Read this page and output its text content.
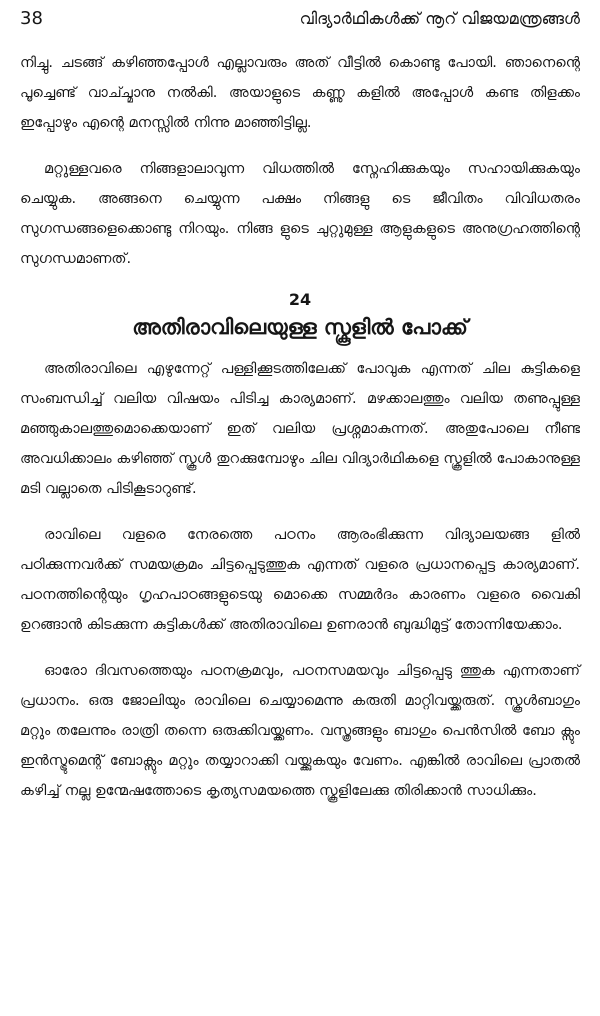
38	വിദ്യാർഥികൾക്ക് നൂറ് വിജയമന്ത്രങ്ങൾ

നിച്ചു. ചടങ്ങ് കഴിഞ്ഞപ്പോൾ എല്ലാവരും അത് വീട്ടിൽ കൊണ്ടു പോയി. ഞാനെന്റെ പൂച്ചെണ്ട് വാച്ച്മാനു നൽകി. അയാളുടെ കണ്ണു കളിൽ അപ്പോൾ കണ്ട തിളക്കം ഇപ്പോഴും എന്റെ മനസ്സിൽ നിന്നു മാഞ്ഞിട്ടില്ല.

മറ്റുള്ളവരെ നിങ്ങളാലാവുന്ന വിധത്തിൽ സ്നേഹിക്കുകയും സഹായിക്കുകയും ചെയ്യുക. അങ്ങനെ ചെയ്യുന്ന പക്ഷം നിങ്ങളു ടെ ജീവിതം വിവിധതരം സുഗന്ധങ്ങളെക്കൊണ്ടു നിറയും. നിങ്ങ ളുടെ ചുറ്റുമുള്ള ആളുകളുടെ അനുഗ്രഹത്തിന്റെ സുഗന്ധമാണത്.

24
അതിരാവിലെയുള്ള സ്കൂളിൽ പോക്ക്

അതിരാവിലെ എഴുന്നേറ്റ് പള്ളിക്കൂടത്തിലേക്ക് പോവുക എന്നത് ചില കുട്ടികളെ സംബന്ധിച്ച് വലിയ വിഷയം പിടിച്ച കാര്യമാണ്. മഴക്കാലത്തും വലിയ തണുപ്പുള്ള മഞ്ഞുകാലത്തുമൊക്കെയാണ് ഇത് വലിയ പ്രശ്നമാകുന്നത്. അതുപോലെ നീണ്ട അവധിക്കാലം കഴിഞ്ഞ് സ്കൂൾ തുറക്കുമ്പോഴും ചില വിദ്യാർഥികളെ സ്കൂളിൽ പോകാനുള്ള മടി വല്ലാതെ പിടികൂടാറുണ്ട്.

രാവിലെ വളരെ നേരത്തെ പഠനം ആരംഭിക്കുന്ന വിദ്യാലയങ്ങ ളിൽ പഠിക്കുന്നവർക്ക് സമയക്രമം ചിട്ടപ്പെടുത്തുക എന്നത് വളരെ പ്രധാനപ്പെട്ട കാര്യമാണ്. പഠനത്തിന്റെയും ഗൃഹപാഠങ്ങളുടെയു മൊക്കെ സമ്മർദം കാരണം വളരെ വൈകി ഉറങ്ങാൻ കിടക്കുന്ന കുട്ടികൾക്ക് അതിരാവിലെ ഉണരാൻ ബുദ്ധിമുട്ട് തോന്നിയേക്കാം.

ഓരോ ദിവസത്തെയും പഠനക്രമവും, പഠനസമയവും ചിട്ടപ്പെടു ത്തുക എന്നതാണ് പ്രധാനം. ഒരു ജോലിയും രാവിലെ ചെയ്യാമെന്നു കരുതി മാറ്റിവയ്ക്കരുത്. സ്കൂൾബാഗും മറ്റും തലേന്നും രാത്രി തന്നെ ഒരുക്കിവയ്ക്കണം. വസ്ത്രങ്ങളും ബാഗും പെൻസിൽ ബോ ക്സും ഇൻസ്ട്രുമെന്റ് ബോക്സും മറ്റും തയ്യാറാക്കി വയ്ക്കുകയും വേണം. എങ്കിൽ രാവിലെ പ്രാതൽ കഴിച്ച് നല്ല ഉന്മേഷത്തോടെ കൃത്യസമയത്തെ സ്കൂളിലേക്കു തിരിക്കാൻ സാധിക്കും.
